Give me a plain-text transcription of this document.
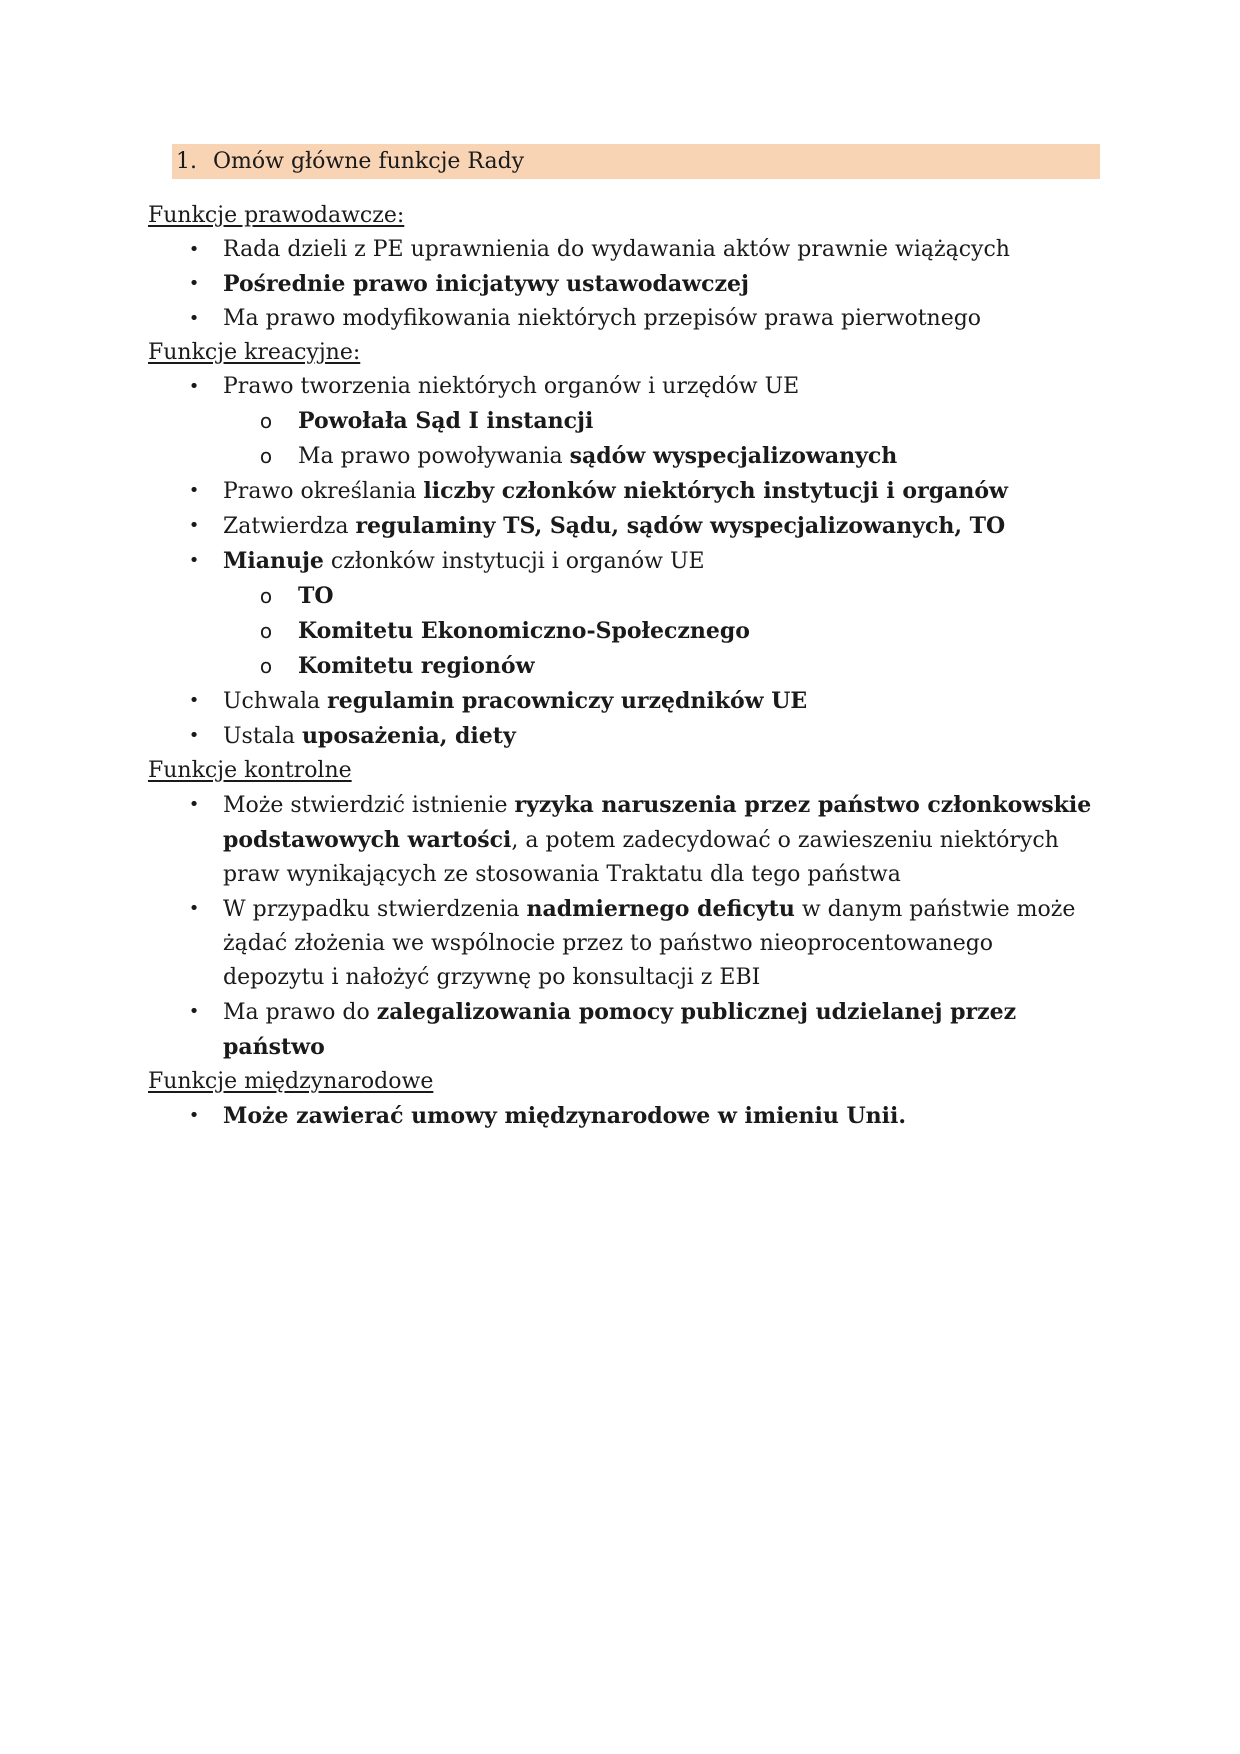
1. Omów główne funkcje Rady
Funkcje prawodawcze:
• Rada dzieli z PE uprawnienia do wydawania aktów prawnie wiążących
• Pośrednie prawo inicjatywy ustawodawczej
• Ma prawo modyfikowania niektórych przepisów prawa pierwotnego
Funkcje kreacyjne:
• Prawo tworzenia niektórych organów i urzędów UE
o Powołała Sąd I instancji
o Ma prawo powoływania sądów wyspecjalizowanych
• Prawo określania liczby członków niektórych instytucji i organów
• Zatwierdza regulaminy TS, Sądu, sądów wyspecjalizowanych, TO
• Mianuje członków instytucji i organów UE
o TO
o Komitetu Ekonomiczno-Społecznego
o Komitetu regionów
• Uchwala regulamin pracowniczy urzędników UE
• Ustala uposażenia, diety
Funkcje kontrolne
• Może stwierdzić istnienie ryzyka naruszenia przez państwo członkowskie podstawowych wartości, a potem zadecydować o zawieszeniu niektórych praw wynikających ze stosowania Traktatu dla tego państwa
• W przypadku stwierdzenia nadmiernego deficytu w danym państwie może żądać złożenia we wspólnocie przez to państwo nieoprocentowanego depozytu i nałożyć grzywnę po konsultacji z EBI
• Ma prawo do zalegalizowania pomocy publicznej udzielanej przez państwo
Funkcje międzynarodowe
• Może zawierać umowy międzynarodowe w imieniu Unii.
